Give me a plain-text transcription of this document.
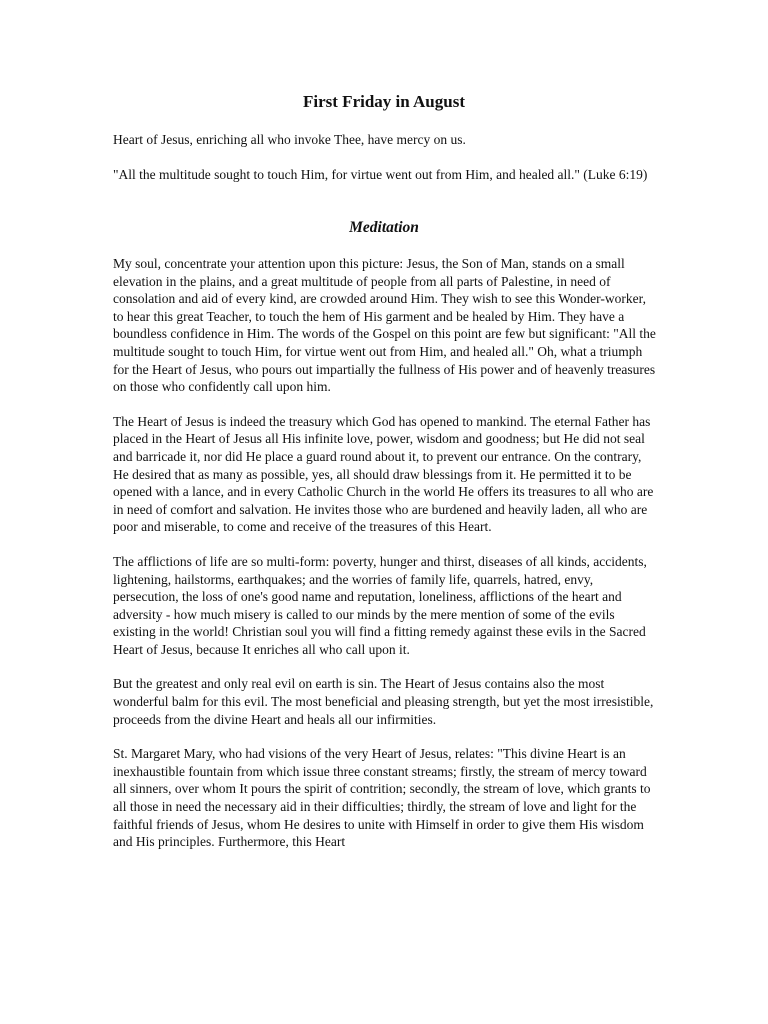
First Friday in August

Heart of Jesus, enriching all who invoke Thee, have mercy on us.

"All the multitude sought to touch Him, for virtue went out from Him, and healed all." (Luke 6:19)

Meditation

My soul, concentrate your attention upon this picture: Jesus, the Son of Man, stands on a small elevation in the plains, and a great multitude of people from all parts of Palestine, in need of consolation and aid of every kind, are crowded around Him. They wish to see this Wonder-worker, to hear this great Teacher, to touch the hem of His garment and be healed by Him. They have a boundless confidence in Him. The words of the Gospel on this point are few but significant: "All the multitude sought to touch Him, for virtue went out from Him, and healed all." Oh, what a triumph for the Heart of Jesus, who pours out impartially the fullness of His power and of heavenly treasures on those who confidently call upon him.

The Heart of Jesus is indeed the treasury which God has opened to mankind. The eternal Father has placed in the Heart of Jesus all His infinite love, power, wisdom and goodness; but He did not seal and barricade it, nor did He place a guard round about it, to prevent our entrance. On the contrary, He desired that as many as possible, yes, all should draw blessings from it. He permitted it to be opened with a lance, and in every Catholic Church in the world He offers its treasures to all who are in need of comfort and salvation. He invites those who are burdened and heavily laden, all who are poor and miserable, to come and receive of the treasures of this Heart.

The afflictions of life are so multi-form: poverty, hunger and thirst, diseases of all kinds, accidents, lightening, hailstorms, earthquakes; and the worries of family life, quarrels, hatred, envy, persecution, the loss of one's good name and reputation, loneliness, afflictions of the heart and adversity - how much misery is called to our minds by the mere mention of some of the evils existing in the world! Christian soul you will find a fitting remedy against these evils in the Sacred Heart of Jesus, because It enriches all who call upon it.

But the greatest and only real evil on earth is sin. The Heart of Jesus contains also the most wonderful balm for this evil. The most beneficial and pleasing strength, but yet the most irresistible, proceeds from the divine Heart and heals all our infirmities.

St. Margaret Mary, who had visions of the very Heart of Jesus, relates: "This divine Heart is an inexhaustible fountain from which issue three constant streams; firstly, the stream of mercy toward all sinners, over whom It pours the spirit of contrition; secondly, the stream of love, which grants to all those in need the necessary aid in their difficulties; thirdly, the stream of love and light for the faithful friends of Jesus, whom He desires to unite with Himself in order to give them His wisdom and His principles. Furthermore, this Heart
